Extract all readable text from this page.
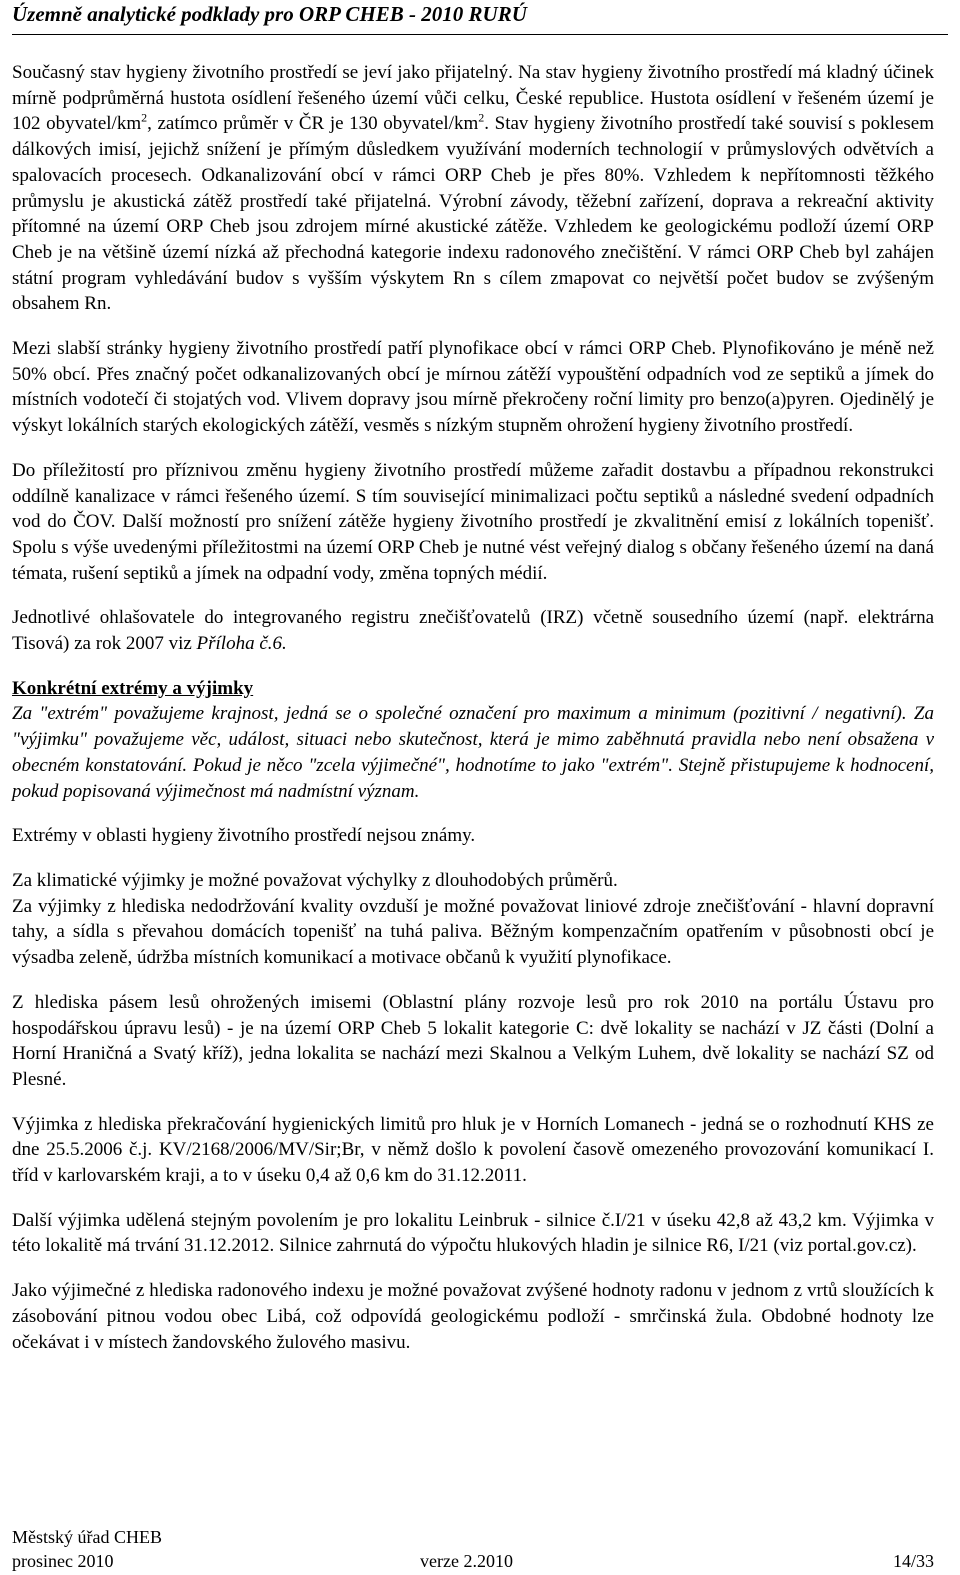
Územně analytické podklady pro ORP CHEB - 2010 RURÚ

Současný stav hygieny životního prostředí se jeví jako přijatelný. Na stav hygieny životního prostředí má kladný účinek mírně podprůměrná hustota osídlení řešeného území vůči celku, České republice. Hustota osídlení v řešeném území je 102 obyvatel/$km^2$, zatímco průměr v ČR je 130 obyvatel/$km^2$. Stav hygieny životního prostředí také souvisí s poklesem dálkových imisí, jejichž snížení je přímým důsledkem využívání moderních technologií v průmyslových odvětvích a spalovacích procesech. Odkanalizování obcí v rámci ORP Cheb je přes 80%. Vzhledem k nepřítomnosti těžkého průmyslu je akustická zátěž prostředí také přijatelná. Výrobní závody, těžební zařízení, doprava a rekreační aktivity přítomné na území ORP Cheb jsou zdrojem mírné akustické zátěže. Vzhledem ke geologickému podloží území ORP Cheb je na většině území nízká až přechodná kategorie indexu radonového znečištění. V rámci ORP Cheb byl zahájen státní program vyhledávání budov s vyšším výskytem Rn s cílem zmapovat co největší počet budov se zvýšeným obsahem Rn.

Mezi slabší stránky hygieny životního prostředí patří plynofikace obcí v rámci ORP Cheb. Plynofikováno je méně než 50% obcí. Přes značný počet odkanalizovaných obcí je mírnou zátěží vypouštění odpadních vod ze septiků a jímek do místních vodotečí či stojatých vod. Vlivem dopravy jsou mírně překročeny roční limity pro benzo(a)pyren. Ojedinělý je výskyt lokálních starých ekologických zátěží, vesměs s nízkým stupněm ohrožení hygieny životního prostředí.

Do příležitostí pro příznivou změnu hygieny životního prostředí můžeme zařadit dostavbu a případnou rekonstrukci oddílně kanalizace v rámci řešeného území. S tím související minimalizaci počtu septiků a následné svedení odpadních vod do ČOV. Další možností pro snížení zátěže hygieny životního prostředí je zkvalitnění emisí z lokálních topenišť. Spolu s výše uvedenými příležitostmi na území ORP Cheb je nutné vést veřejný dialog s občany řešeného území na daná témata, rušení septiků a jímek na odpadní vody, změna topných médií.

Jednotlivé ohlašovatele do integrovaného registru znečišťovatelů (IRZ) včetně sousedního území (např. elektrárna Tisová) za rok 2007 viz Příloha č.6.

Konkrétní extrémy a výjimky

Za "extrém" považujeme krajnost, jedná se o společné označení pro maximum a minimum (pozitivní / negativní). Za "výjimku" považujeme věc, událost, situaci nebo skutečnost, která je mimo zaběhnutá pravidla nebo není obsažena v obecném konstatování. Pokud je něco "zcela výjimečné", hodnotíme to jako "extrém". Stejně přistupujeme k hodnocení, pokud popisovaná výjimečnost má nadmístní význam.

Extrémy v oblasti hygieny životního prostředí nejsou známy.

Za klimatické výjimky je možné považovat výchylky z dlouhodobých průměrů.

Za výjimky z hlediska nedodržování kvality ovzduší je možné považovat liniové zdroje znečišťování - hlavní dopravní tahy, a sídla s převahou domácích topenišť na tuhá paliva. Běžným kompenzačním opatřením v působnosti obcí je výsadba zeleně, údržba místních komunikací a motivace občanů k využití plynofikace.

Z hlediska pásem lesů ohrožených imisemi (Oblastní plány rozvoje lesů pro rok 2010 na portálu Ústavu pro hospodářskou úpravu lesů) - je na území ORP Cheb 5 lokalit kategorie C: dvě lokality se nachází v JZ části (Dolní a Horní Hraničná a Svatý kříž), jedna lokalita se nachází mezi Skalnou a Velkým Luhem, dvě lokality se nachází SZ od Plesné.

Výjimka z hlediska překračování hygienických limitů pro hluk je v Horních Lomanech - jedná se o rozhodnutí KHS ze dne 25.5.2006 č.j. KV/2168/2006/MV/Sir;Br, v němž došlo k povolení časově omezeného provozování komunikací I. tříd v karlovarském kraji, a to v úseku 0,4 až 0,6 km do 31.12.2011.

Další výjimka udělená stejným povolením je pro lokalitu Leinbruk - silnice č.I/21 v úseku 42,8 až 43,2 km. Výjimka v této lokalitě má trvání 31.12.2012. Silnice zahrnutá do výpočtu hlukových hladin je silnice R6, I/21 (viz portal.gov.cz).

Jako výjimečné z hlediska radonového indexu je možné považovat zvýšené hodnoty radonu v jednom z vrtů sloužících k zásobování pitnou vodou obec Libá, což odpovídá geologickému podloží - smrčinská žula. Obdobné hodnoty lze očekávat i v místech žandovského žulového masivu.

Městský úřad CHEB
prosinec 2010	verze 2.2010	14/33
